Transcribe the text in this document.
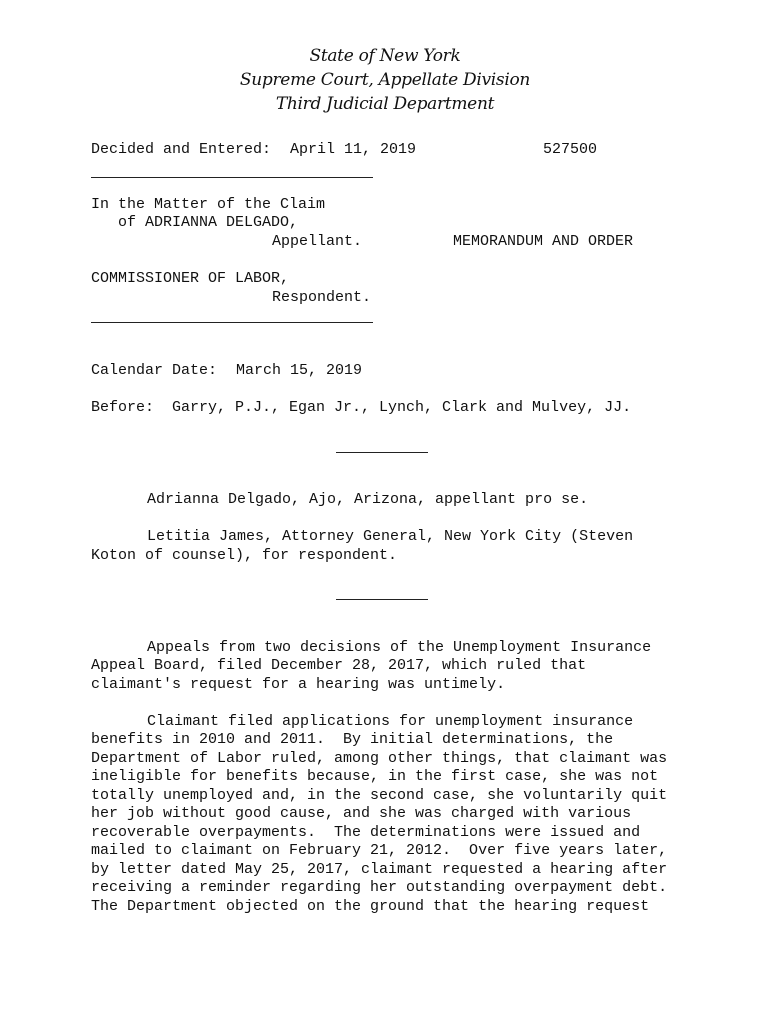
State of New York
Supreme Court, Appellate Division
Third Judicial Department
Decided and Entered: April 11, 2019	527500
In the Matter of the Claim
of ADRIANNA DELGADO,
Appellant.	MEMORANDUM AND ORDER
COMMISSIONER OF LABOR,
Respondent.
Calendar Date: March 15, 2019
Before: Garry, P.J., Egan Jr., Lynch, Clark and Mulvey, JJ.
Adrianna Delgado, Ajo, Arizona, appellant pro se.
Letitia James, Attorney General, New York City (Steven
Koton of counsel), for respondent.
Appeals from two decisions of the Unemployment Insurance
Appeal Board, filed December 28, 2017, which ruled that
claimant's request for a hearing was untimely.
Claimant filed applications for unemployment insurance
benefits in 2010 and 2011.  By initial determinations, the
Department of Labor ruled, among other things, that claimant was
ineligible for benefits because, in the first case, she was not
totally unemployed and, in the second case, she voluntarily quit
her job without good cause, and she was charged with various
recoverable overpayments.  The determinations were issued and
mailed to claimant on February 21, 2012.  Over five years later,
by letter dated May 25, 2017, claimant requested a hearing after
receiving a reminder regarding her outstanding overpayment debt.
The Department objected on the ground that the hearing request
